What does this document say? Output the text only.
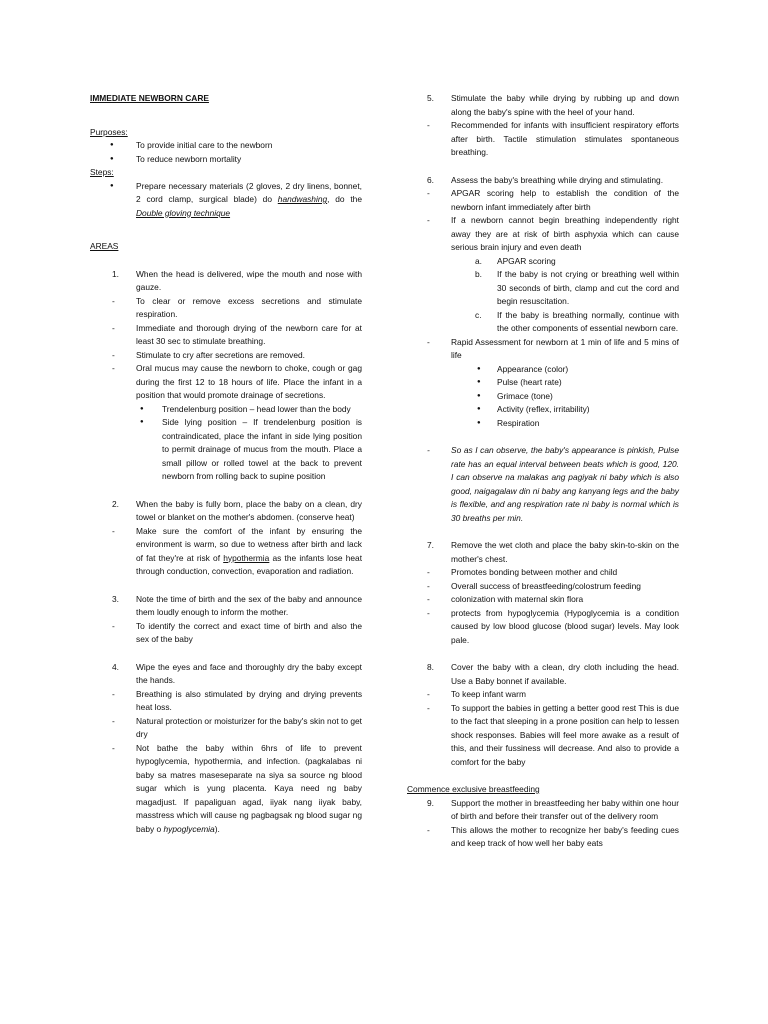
IMMEDIATE NEWBORN CARE
Purposes:
● To provide initial care to the newborn
● To reduce newborn mortality
Steps:
● Prepare necessary materials (2 gloves, 2 dry linens, bonnet, 2 cord clamp, surgical blade) do handwashing, do the Double gloving technique
AREAS
1. When the head is delivered, wipe the mouth and nose with gauze.
- To clear or remove excess secretions and stimulate respiration.
- Immediate and thorough drying of the newborn care for at least 30 sec to stimulate breathing.
- Stimulate to cry after secretions are removed.
- Oral mucus may cause the newborn to choke, cough or gag during the first 12 to 18 hours of life. Place the infant in a position that would promote drainage of secretions.
● Trendelenburg position – head lower than the body
● Side lying position – If trendelenburg position is contraindicated, place the infant in side lying position to permit drainage of mucus from the mouth. Place a small pillow or rolled towel at the back to prevent newborn from rolling back to supine position
2. When the baby is fully born, place the baby on a clean, dry towel or blanket on the mother's abdomen. (conserve heat)
- Make sure the comfort of the infant by ensuring the environment is warm, so due to wetness after birth and lack of fat they're at risk of hypothermia as the infants lose heat through conduction, convection, evaporation and radiation.
3. Note the time of birth and the sex of the baby and announce them loudly enough to inform the mother.
- To identify the correct and exact time of birth and also the sex of the baby
4. Wipe the eyes and face and thoroughly dry the baby except the hands.
- Breathing is also stimulated by drying and drying prevents heat loss.
- Natural protection or moisturizer for the baby's skin not to get dry
- Not bathe the baby within 6hrs of life to prevent hypoglycemia, hypothermia, and infection. (pagkalabas ni baby sa matres maseseparate na siya sa source ng blood sugar which is yung placenta. Kaya need ng baby magadjust. If papaliguan agad, iiyak nang iiyak baby, masstress which will cause ng pagbagsak ng blood sugar ng baby o hypoglycemia).
5. Stimulate the baby while drying by rubbing up and down along the baby's spine with the heel of your hand.
- Recommended for infants with insufficient respiratory efforts after birth. Tactile stimulation stimulates spontaneous breathing.
6. Assess the baby's breathing while drying and stimulating.
- APGAR scoring help to establish the condition of the newborn infant immediately after birth
- If a newborn cannot begin breathing independently right away they are at risk of birth asphyxia which can cause serious brain injury and even death
a. APGAR scoring
b. If the baby is not crying or breathing well within 30 seconds of birth, clamp and cut the cord and begin resuscitation.
c. If the baby is breathing normally, continue with the other components of essential newborn care.
- Rapid Assessment for newborn at 1 min of life and 5 mins of life
● Appearance (color)
● Pulse (heart rate)
● Grimace (tone)
● Activity (reflex, irritability)
● Respiration
- So as I can observe, the baby's appearance is pinkish, Pulse rate has an equal interval between beats which is good, 120. I can observe na malakas ang pagiyak ni baby which is also good, naigagalaw din ni baby ang kanyang legs and the baby is flexible, and ang respiration rate ni baby is normal which is 30 breaths per min.
7. Remove the wet cloth and place the baby skin-to-skin on the mother's chest.
- Promotes bonding between mother and child
- Overall success of breastfeeding/colostrum feeding
- colonization with maternal skin flora
- protects from hypoglycemia (Hypoglycemia is a condition caused by low blood glucose (blood sugar) levels. May look pale.
8. Cover the baby with a clean, dry cloth including the head. Use a Baby bonnet if available.
- To keep infant warm
- To support the babies in getting a better good rest This is due to the fact that sleeping in a prone position can help to lessen shock responses. Babies will feel more awake as a result of this, and their fussiness will decrease. And also to provide a comfort for the baby
Commence exclusive breastfeeding
9. Support the mother in breastfeeding her baby within one hour of birth and before their transfer out of the delivery room
- This allows the mother to recognize her baby's feeding cues and keep track of how well her baby eats
